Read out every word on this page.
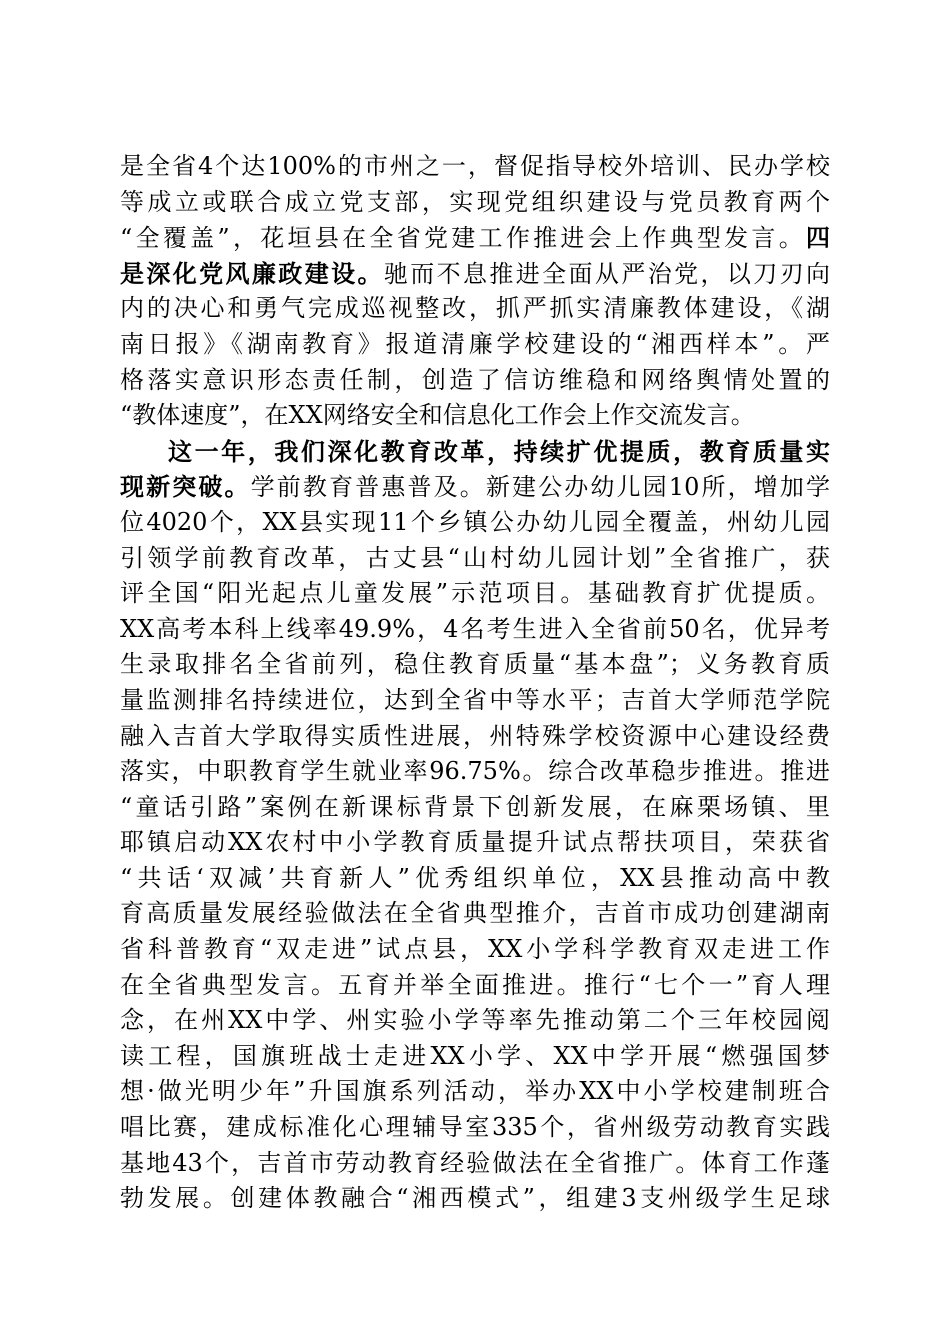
是全省4个达100%的市州之一，督促指导校外培训、民办学校
等成立或联合成立党支部，实现党组织建设与党员教育两个
“全覆盖”，花垣县在全省党建工作推进会上作典型发言。四
是深化党风廉政建设。驰而不息推进全面从严治党，以刀刃向
内的决心和勇气完成巡视整改，抓严抓实清廉教体建设，《湖
南日报》《湖南教育》报道清廉学校建设的“湘西样本”。严
格落实意识形态责任制，创造了信访维稳和网络舆情处置的
“教体速度”，在XX网络安全和信息化工作会上作交流发言。
这一年，我们深化教育改革，持续扩优提质，教育质量实
现新突破。学前教育普惠普及。新建公办幼儿园10所，增加学
位4020个，XX县实现11个乡镇公办幼儿园全覆盖，州幼儿园
引领学前教育改革，古丈县“山村幼儿园计划”全省推广，获
评全国“阳光起点儿童发展”示范项目。基础教育扩优提质。
XX高考本科上线率49.9%，4名考生进入全省前50名，优异考
生录取排名全省前列，稳住教育质量“基本盘”；义务教育质
量监测排名持续进位，达到全省中等水平；吉首大学师范学院
融入吉首大学取得实质性进展，州特殊学校资源中心建设经费
落实，中职教育学生就业率96.75%。综合改革稳步推进。推进
“童话引路”案例在新课标背景下创新发展，在麻栗场镇、里
耶镇启动XX农村中小学教育质量提升试点帮扶项目，荣获省
“共话‘双减’共育新人”优秀组织单位，XX县推动高中教
育高质量发展经验做法在全省典型推介，吉首市成功创建湖南
省科普教育“双走进”试点县，XX小学科学教育双走进工作
在全省典型发言。五育并举全面推进。推行“七个一”育人理
念，在州XX中学、州实验小学等率先推动第二个三年校园阅
读工程，国旗班战士走进XX小学、XX中学开展“燃强国梦
想·做光明少年”升国旗系列活动，举办XX中小学校建制班合
唱比赛，建成标准化心理辅导室335个，省州级劳动教育实践
基地43个，吉首市劳动教育经验做法在全省推广。体育工作蓬
勃发展。创建体教融合“湘西模式”，组建3支州级学生足球
